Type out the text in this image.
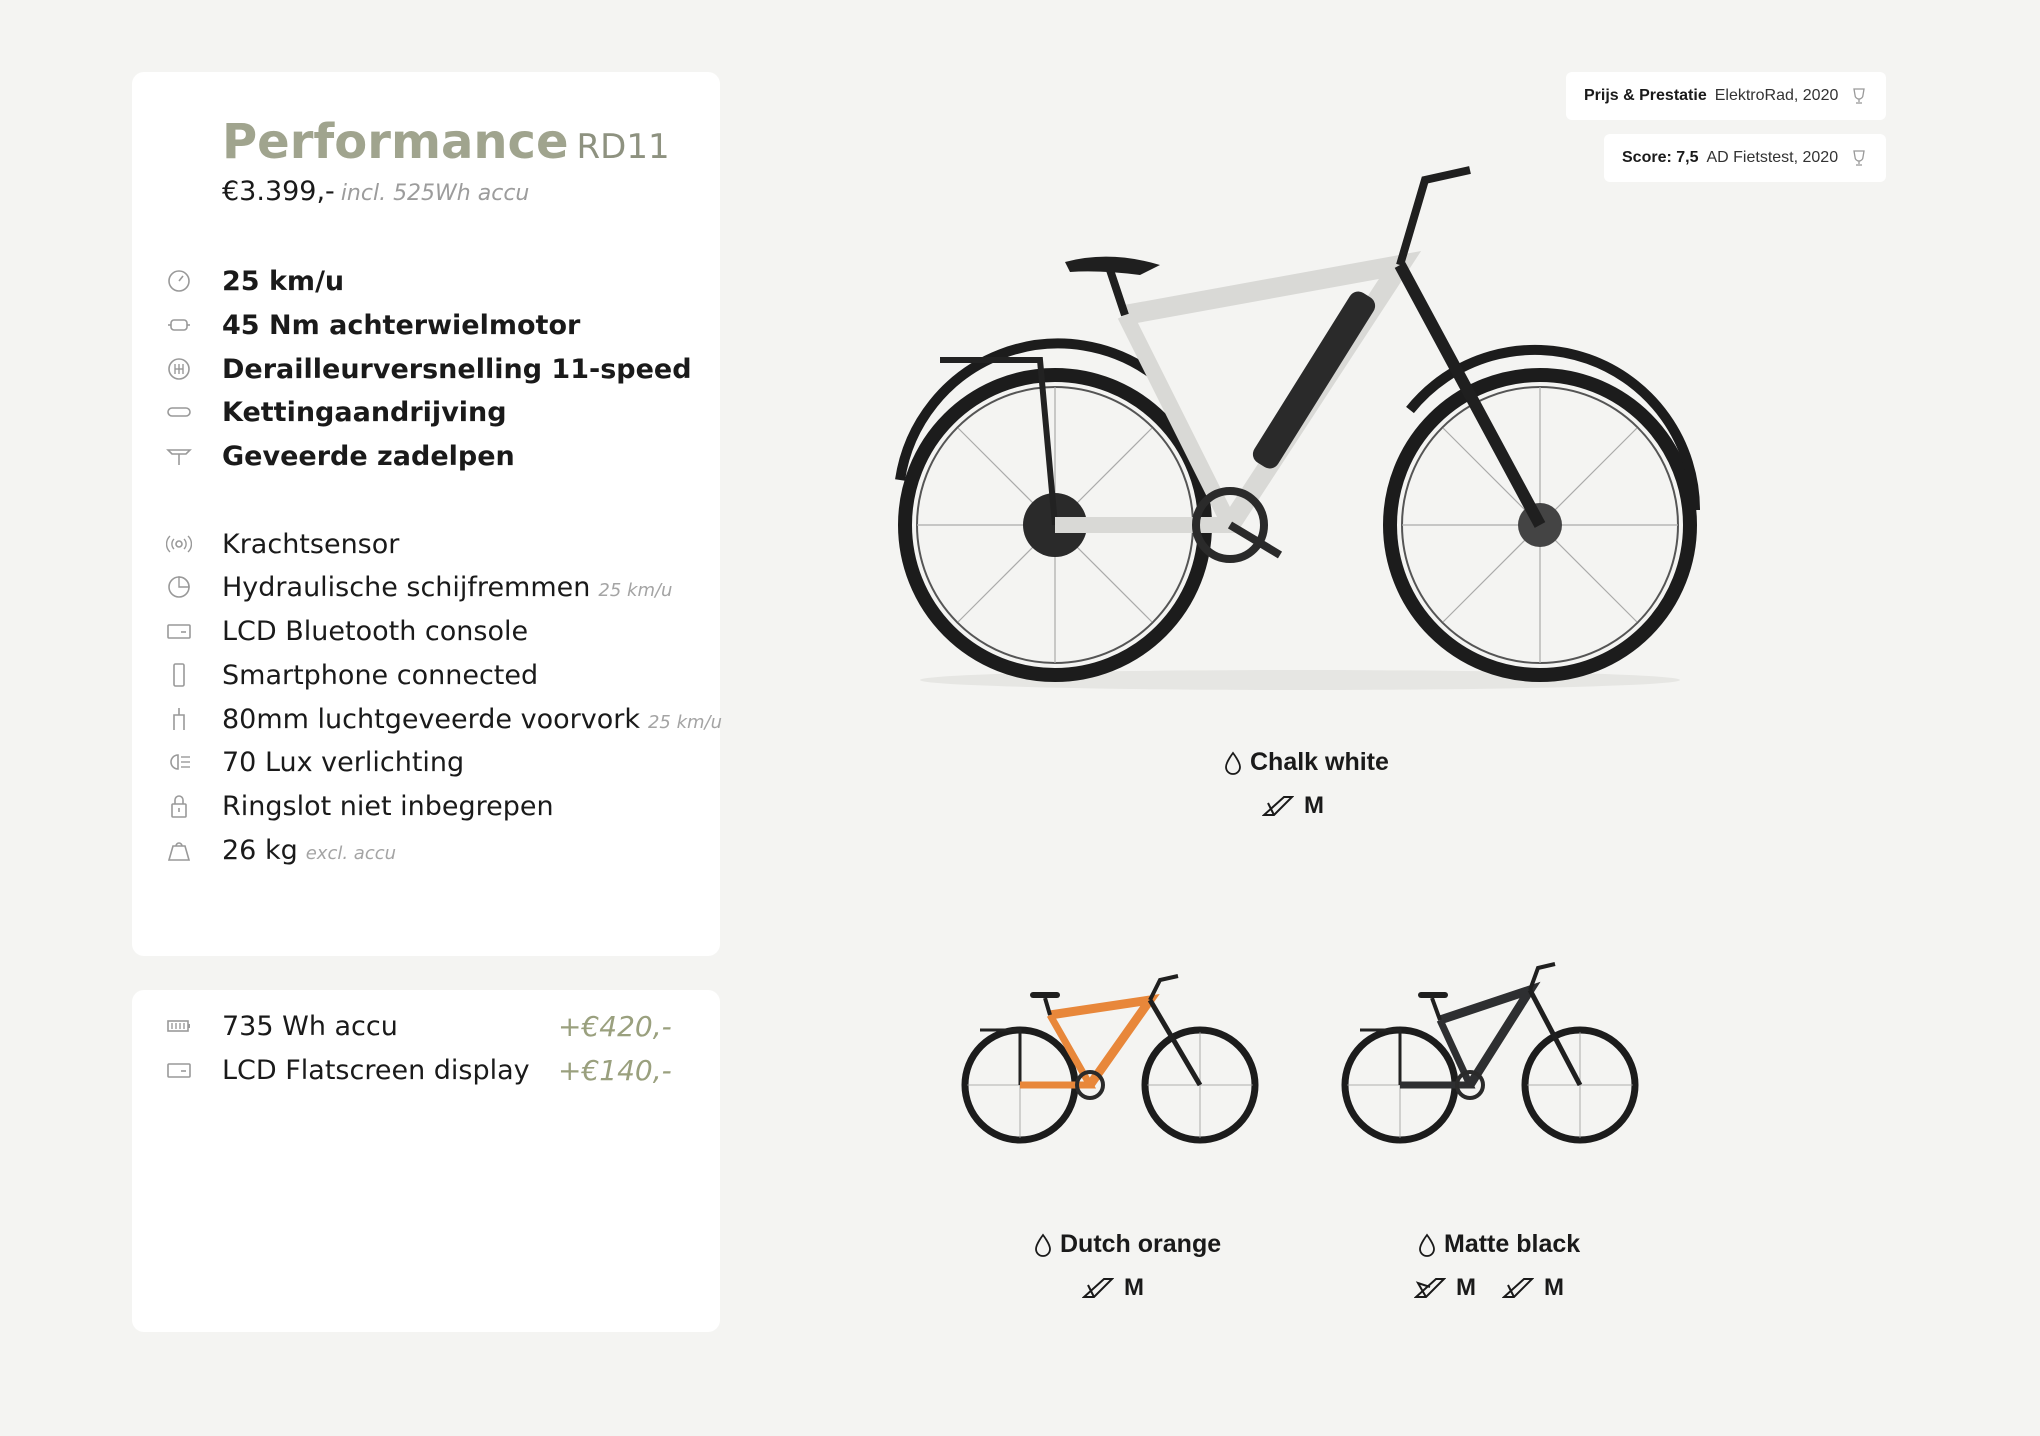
Performance RD11
€3.399,- incl. 525Wh accu
25 km/u
45 Nm achterwielmotor
Derailleurversnelling 11-speed
Kettingaandrijving
Geveerde zadelpen
Krachtsensor
Hydraulische schijfremmen 25 km/u
LCD Bluetooth console
Smartphone connected
80mm luchtgeveerde voorvork 25 km/u
70 Lux verlichting
Ringslot niet inbegrepen
26 kg excl. accu
735 Wh accu	+€420,-
LCD Flatscreen display +€140,-
Prijs & Prestatie ElektroRad, 2020
Score: 7,5 AD Fietstest, 2020
Chalk white
M
Dutch orange
M
Matte black
M	M
